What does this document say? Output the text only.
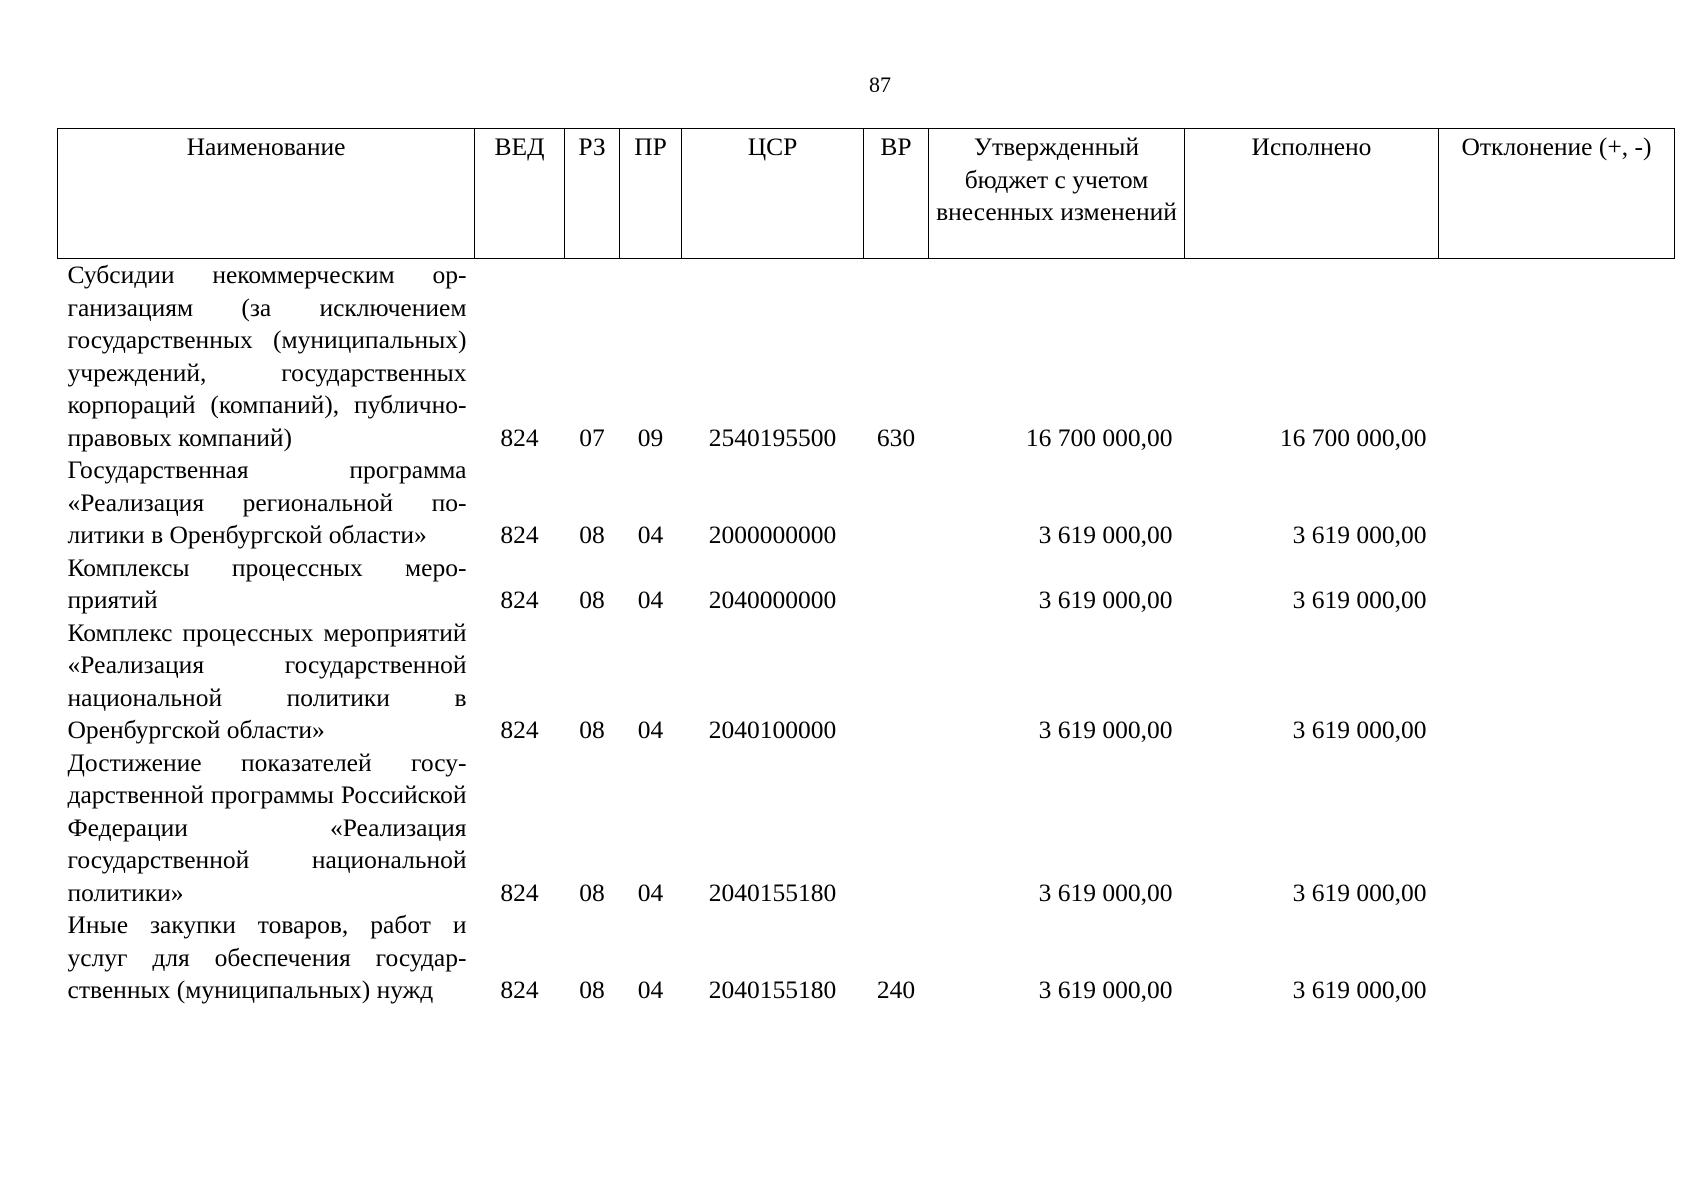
87
Наименование	ВЕД	РЗ	ПР	ЦСР	ВР	Утвержденный бюджет с учетом внесенных изменений	Исполнено	Отклонение (+, -)
Субсидии некоммерческим организациям (за исключением государственных (муниципальных) учреждений, государственных корпораций (компаний), публично-правовых компаний)	824	07	09	2540195500	630	16 700 000,00	16 700 000,00	
Государственная программа «Реализация региональной политики в Оренбургской области»	824	08	04	2000000000		3 619 000,00	3 619 000,00	
Комплексы процессных мероприятий	824	08	04	2040000000		3 619 000,00	3 619 000,00	
Комплекс процессных мероприятий «Реализация государственной национальной политики в Оренбургской области»	824	08	04	2040100000		3 619 000,00	3 619 000,00	
Достижение показателей государственной программы Российской Федерации «Реализация государственной национальной политики»	824	08	04	2040155180		3 619 000,00	3 619 000,00	
Иные закупки товаров, работ и услуг для обеспечения государственных (муниципальных) нужд	824	08	04	2040155180	240	3 619 000,00	3 619 000,00	
